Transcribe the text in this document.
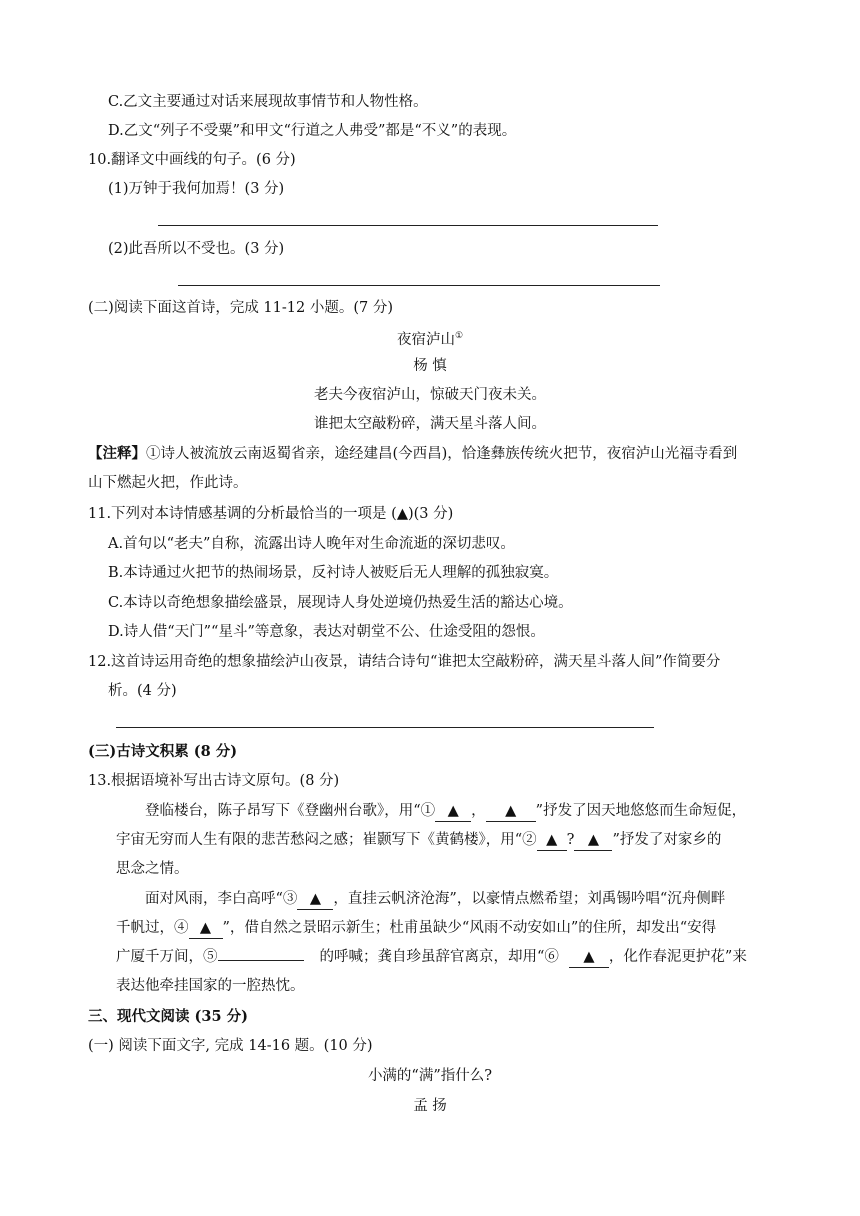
C.乙文主要通过对话来展现故事情节和人物性格。
D.乙文“列子不受粟”和甲文“行道之人弗受”都是“不义”的表现。
10.翻译文中画线的句子。(6 分)
(1)万钟于我何加焉！(3 分)
(2)此吾所以不受也。(3 分)
(二)阅读下面这首诗，完成 11-12 小题。(7 分)
夜宿泸山①
杨 慎
老夫今夜宿泸山，惊破天门夜未关。
谁把太空敲粉碎，满天星斗落人间。
【注释】①诗人被流放云南返蜀省亲，途经建昌(今西昌)，恰逢彝族传统火把节，夜宿泸山光福寺看到
山下燃起火把，作此诗。
11.下列对本诗情感基调的分析最恰当的一项是 (▲)(3 分)
A.首句以“老夫”自称，流露出诗人晚年对生命流逝的深切悲叹。
B.本诗通过火把节的热闹场景，反衬诗人被贬后无人理解的孤独寂寞。
C.本诗以奇绝想象描绘盛景，展现诗人身处逆境仍热爱生活的豁达心境。
D.诗人借“天门”“星斗”等意象，表达对朝堂不公、仕途受阻的怨恨。
12.这首诗运用奇绝的想象描绘泸山夜景，请结合诗句“谁把太空敲粉碎，满天星斗落人间”作简要分
析。(4 分)
(三)古诗文积累 (8 分)
13.根据语境补写出古诗文原句。(8 分)
登临楼台，陈子昂写下《登幽州台歌》，用“① ▲ ， ▲ ”抒发了因天地悠悠而生命短促，
宇宙无穷而人生有限的悲苦愁闷之感；崔颢写下《黄鹤楼》，用“② ▲ ? ▲ ”抒发了对家乡的
思念之情。
面对风雨，李白高呼“③ ▲ ，直挂云帆济沧海”，以豪情点燃希望；刘禹锡吟唱“沉舟侧畔
千帆过，④ ▲ ”，借自然之景昭示新生；杜甫虽缺少“风雨不动安如山”的住所，却发出“安得
广厦千万间，⑤	的呼喊；龚自珍虽辞官离京，却用“⑥ ▲ ，化作春泥更护花”来
表达他牵挂国家的一腔热忱。
三、现代文阅读 (35 分)
(一) 阅读下面文字, 完成 14-16 题。(10 分)
小满的“满”指什么?
孟 扬
